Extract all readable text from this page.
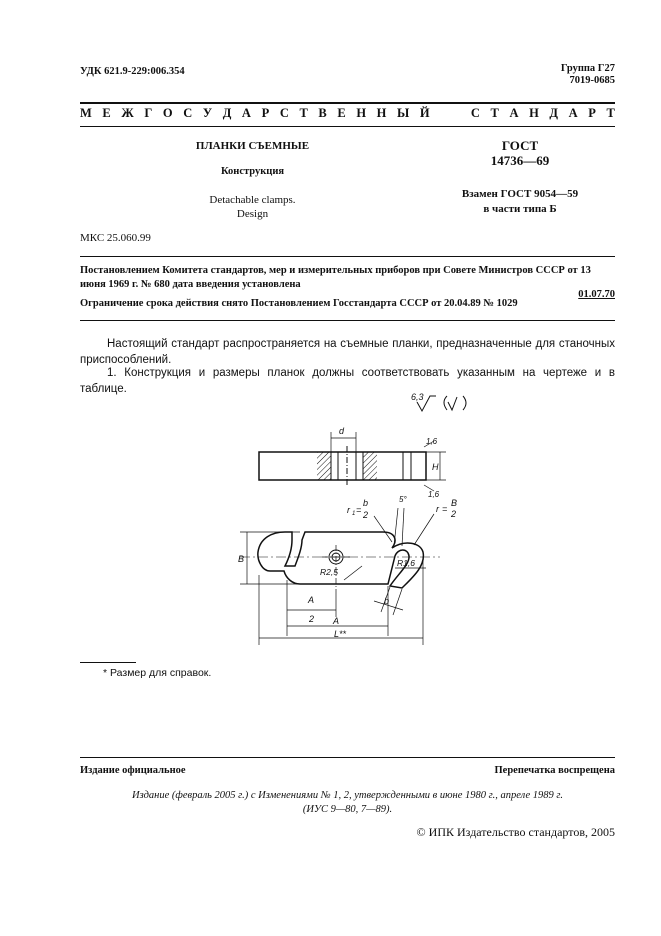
УДК 621.9-229:006.354	Группа Г27
7019-0685
М Е Ж Г О С У Д А Р С Т В Е Н Н Ы Й	С Т А Н Д А Р Т
ПЛАНКИ СЪЕМНЫЕ
Конструкция
Detachable clamps.
Design
ГОСТ
14736—69
Взамен ГОСТ 9054—59
в части типа Б
МКС 25.060.99
Постановлением Комитета стандартов, мер и измерительных приборов при Совете Министров СССР от 13 июня 1969 г. № 680 дата введения установлена
01.07.70
Ограничение срока действия снято Постановлением Госстандарта СССР от 20.04.89 № 1029
Настоящий стандарт распространяется на съемные планки, предназначенные для станочных приспособлений.
1. Конструкция и размеры планок должны соответствовать указанным на чертеже и в таблице.
6,3
d
1,6
H
1,6
B
A
2 A
L**
b
r 1 =
b
2
5°
r =
B
2
R2,5
R1,6
* Размер для справок.
Издание официальное	Перепечатка воспрещена
Издание (февраль 2005 г.) с Изменениями № 1, 2, утвержденными в июне 1980 г., апреле 1989 г.
(ИУС 9—80, 7—89).
© ИПК Издательство стандартов, 2005
